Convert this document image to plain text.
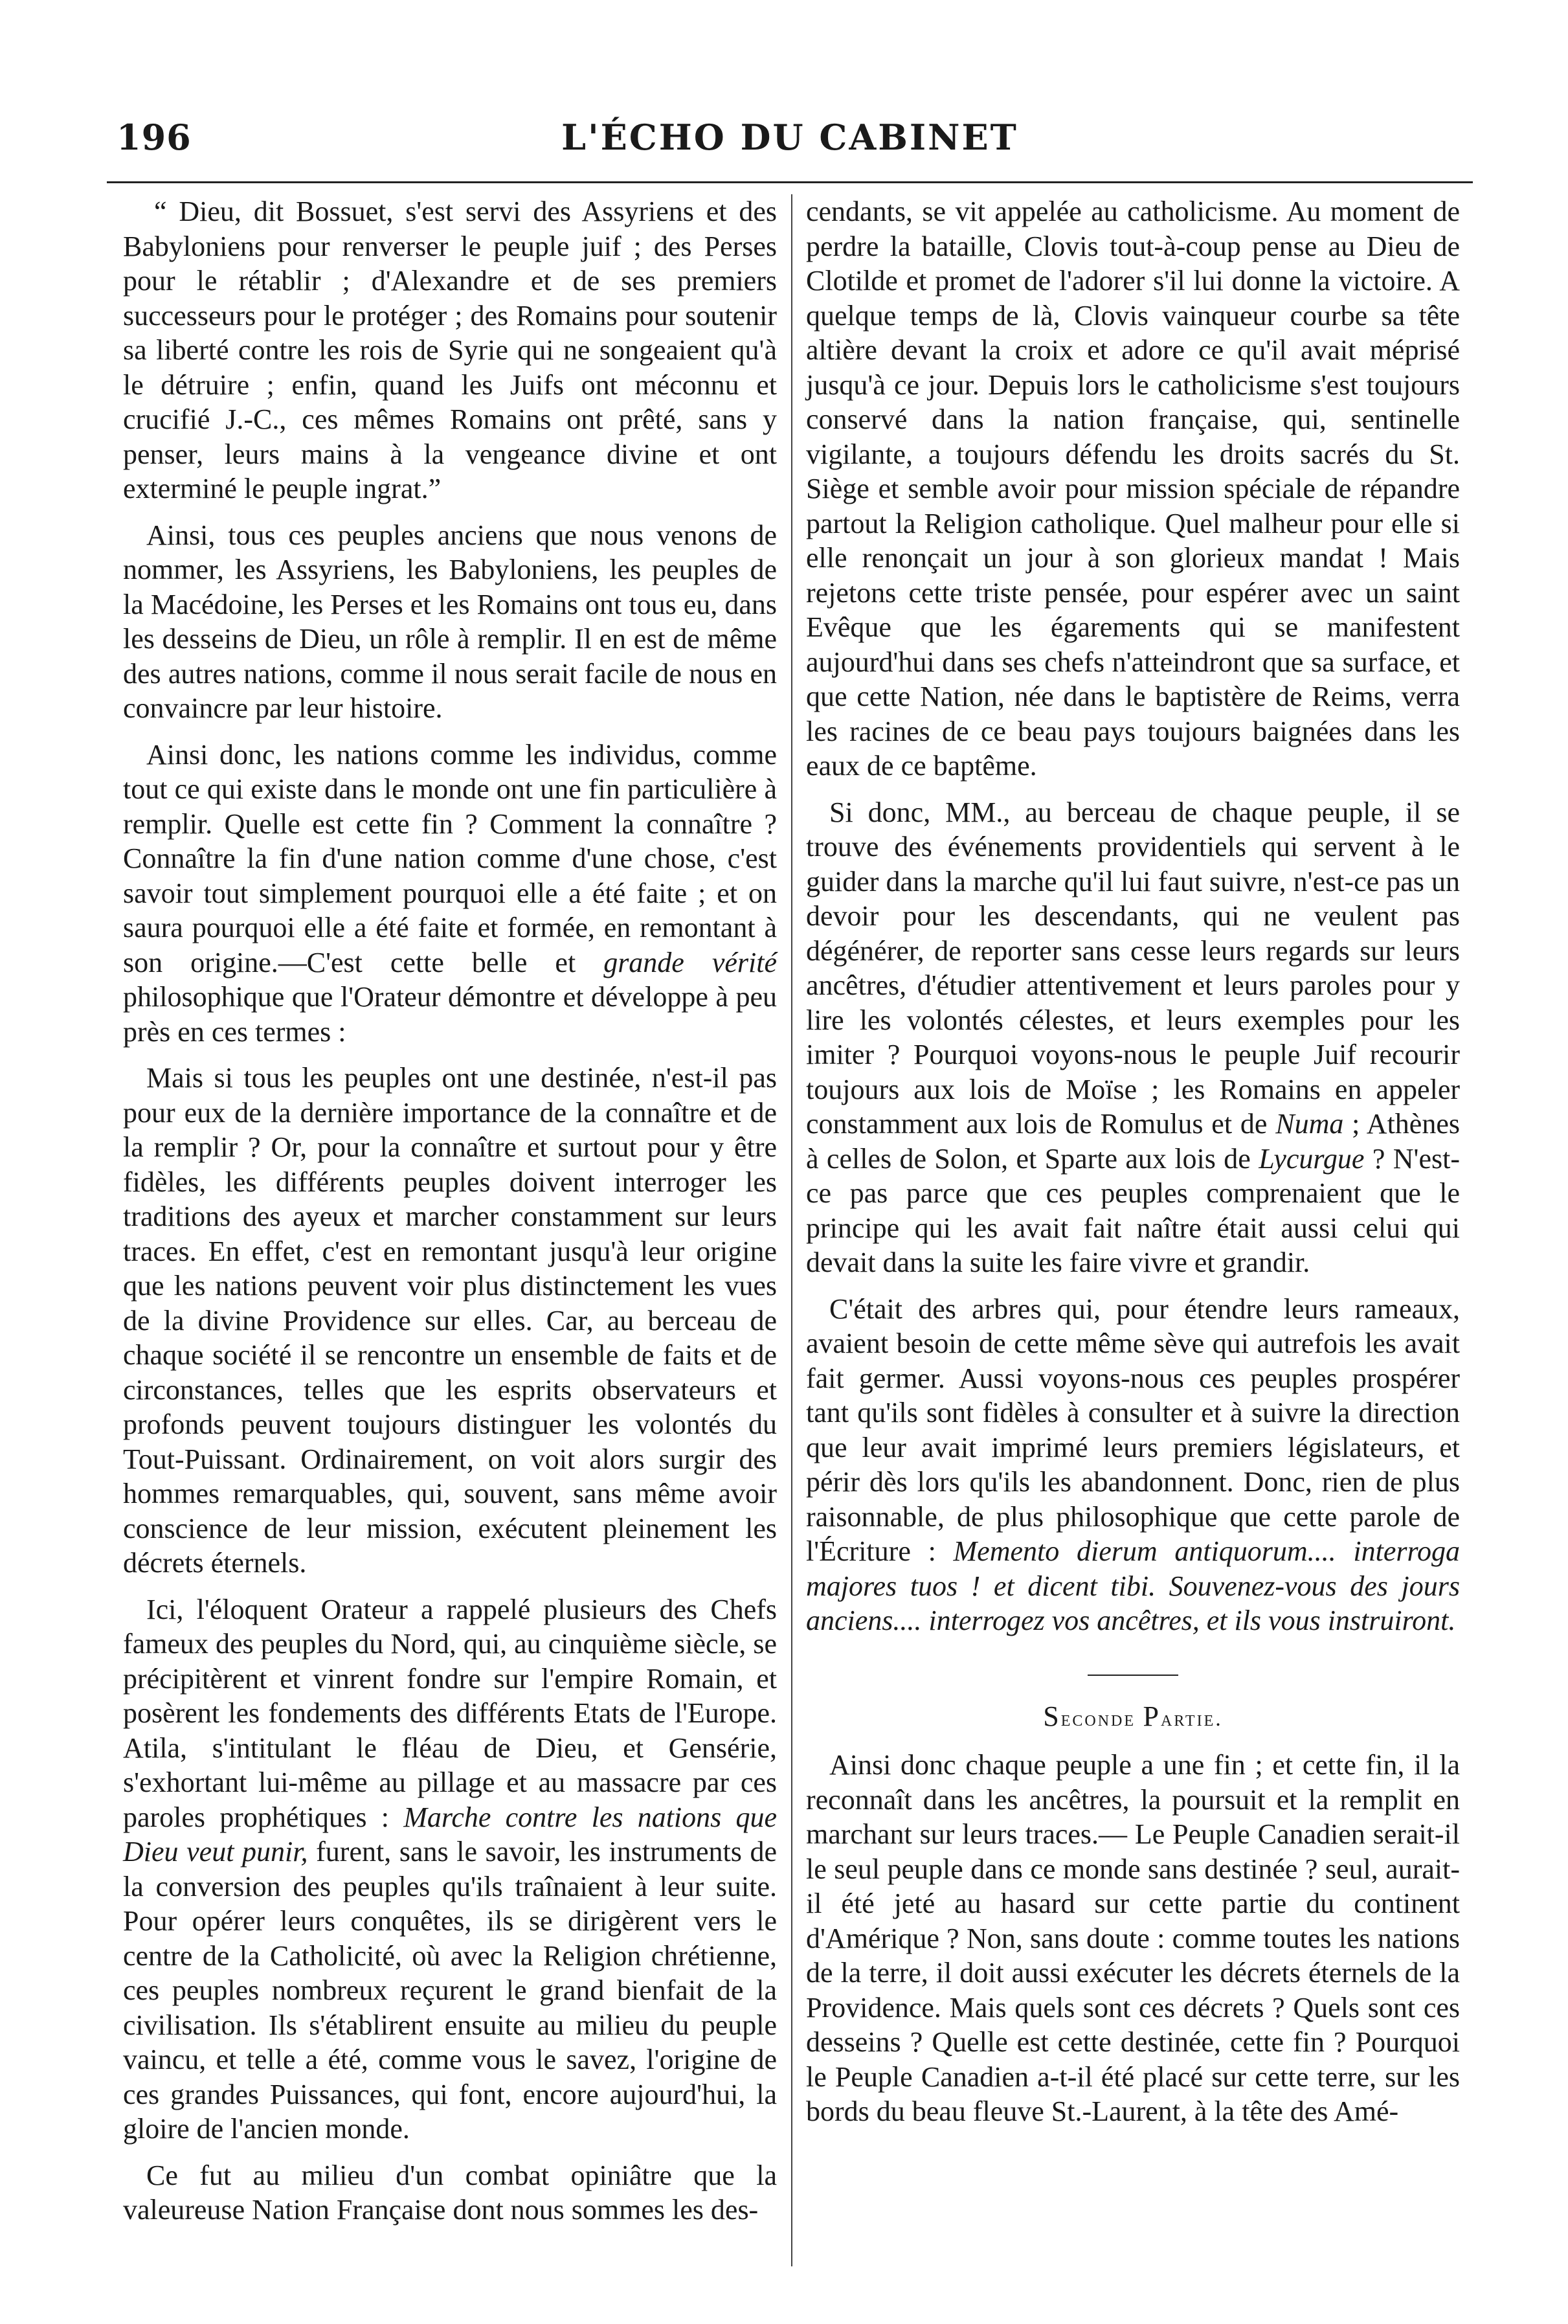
196	L'ÉCHO DU CABINET

“ Dieu, dit Bossuet, s'est servi des Assyriens et des Babyloniens pour renverser le peuple juif ; des Perses pour le rétablir ; d'Alexandre et de ses premiers successeurs pour le protéger ; des Romains pour soutenir sa liberté contre les rois de Syrie qui ne songeaient qu'à le détruire ; enfin, quand les Juifs ont méconnu et crucifié J.-C., ces mêmes Romains ont prêté, sans y penser, leurs mains à la vengeance divine et ont exterminé le peuple ingrat.”

Ainsi, tous ces peuples anciens que nous venons de nommer, les Assyriens, les Babyloniens, les peuples de la Macédoine, les Perses et les Romains ont tous eu, dans les desseins de Dieu, un rôle à remplir. Il en est de même des autres nations, comme il nous serait facile de nous en convaincre par leur histoire.

Ainsi donc, les nations comme les individus, comme tout ce qui existe dans le monde ont une fin particulière à remplir. Quelle est cette fin ? Comment la connaître ? Connaître la fin d'une nation comme d'une chose, c'est savoir tout simplement pourquoi elle a été faite ; et on saura pourquoi elle a été faite et formée, en remontant à son origine.—C'est cette belle et grande vérité philosophique que l'Orateur démontre et développe à peu près en ces termes :

Mais si tous les peuples ont une destinée, n'est-il pas pour eux de la dernière importance de la connaître et de la remplir ? Or, pour la connaître et surtout pour y être fidèles, les différents peuples doivent interroger les traditions des ayeux et marcher constamment sur leurs traces. En effet, c'est en remontant jusqu'à leur origine que les nations peuvent voir plus distinctement les vues de la divine Providence sur elles. Car, au berceau de chaque société il se rencontre un ensemble de faits et de circonstances, telles que les esprits observateurs et profonds peuvent toujours distinguer les volontés du Tout-Puissant. Ordinairement, on voit alors surgir des hommes remarquables, qui, souvent, sans même avoir conscience de leur mission, exécutent pleinement les décrets éternels.

Ici, l'éloquent Orateur a rappelé plusieurs des Chefs fameux des peuples du Nord, qui, au cinquième siècle, se précipitèrent et vinrent fondre sur l'empire Romain, et posèrent les fondements des différents Etats de l'Europe. Atila, s'intitulant le fléau de Dieu, et Gensérie, s'exhortant lui-même au pillage et au massacre par ces paroles prophétiques : Marche contre les nations que Dieu veut punir, furent, sans le savoir, les instruments de la conversion des peuples qu'ils traînaient à leur suite. Pour opérer leurs conquêtes, ils se dirigèrent vers le centre de la Catholicité, où avec la Religion chrétienne, ces peuples nombreux reçurent le grand bienfait de la civilisation. Ils s'établirent ensuite au milieu du peuple vaincu, et telle a été, comme vous le savez, l'origine de ces grandes Puissances, qui font, encore aujourd'hui, la gloire de l'ancien monde.

Ce fut au milieu d'un combat opiniâtre que la valeureuse Nation Française dont nous sommes les des-

cendants, se vit appelée au catholicisme. Au moment de perdre la bataille, Clovis tout-à-coup pense au Dieu de Clotilde et promet de l'adorer s'il lui donne la victoire. A quelque temps de là, Clovis vainqueur courbe sa tête altière devant la croix et adore ce qu'il avait méprisé jusqu'à ce jour. Depuis lors le catholicisme s'est toujours conservé dans la nation française, qui, sentinelle vigilante, a toujours défendu les droits sacrés du St. Siège et semble avoir pour mission spéciale de répandre partout la Religion catholique. Quel malheur pour elle si elle renonçait un jour à son glorieux mandat ! Mais rejetons cette triste pensée, pour espérer avec un saint Evêque que les égarements qui se manifestent aujourd'hui dans ses chefs n'atteindront que sa surface, et que cette Nation, née dans le baptistère de Reims, verra les racines de ce beau pays toujours baignées dans les eaux de ce baptême.

Si donc, MM., au berceau de chaque peuple, il se trouve des événements providentiels qui servent à le guider dans la marche qu'il lui faut suivre, n'est-ce pas un devoir pour les descendants, qui ne veulent pas dégénérer, de reporter sans cesse leurs regards sur leurs ancêtres, d'étudier attentivement et leurs paroles pour y lire les volontés célestes, et leurs exemples pour les imiter ? Pourquoi voyons-nous le peuple Juif recourir toujours aux lois de Moïse ; les Romains en appeler constamment aux lois de Romulus et de Numa ; Athènes à celles de Solon, et Sparte aux lois de Lycurgue ? N'est-ce pas parce que ces peuples comprenaient que le principe qui les avait fait naître était aussi celui qui devait dans la suite les faire vivre et grandir.

C'était des arbres qui, pour étendre leurs rameaux, avaient besoin de cette même sève qui autrefois les avait fait germer. Aussi voyons-nous ces peuples prospérer tant qu'ils sont fidèles à consulter et à suivre la direction que leur avait imprimé leurs premiers législateurs, et périr dès lors qu'ils les abandonnent. Donc, rien de plus raisonnable, de plus philosophique que cette parole de l'Écriture : Memento dierum antiquorum.... interroga majores tuos ! et dicent tibi. Souvenez-vous des jours anciens.... interrogez vos ancêtres, et ils vous instruiront.

Seconde Partie.

Ainsi donc chaque peuple a une fin ; et cette fin, il la reconnaît dans les ancêtres, la poursuit et la remplit en marchant sur leurs traces.— Le Peuple Canadien serait-il le seul peuple dans ce monde sans destinée ? seul, aurait-il été jeté au hasard sur cette partie du continent d'Amérique ? Non, sans doute : comme toutes les nations de la terre, il doit aussi exécuter les décrets éternels de la Providence. Mais quels sont ces décrets ? Quels sont ces desseins ? Quelle est cette destinée, cette fin ? Pourquoi le Peuple Canadien a-t-il été placé sur cette terre, sur les bords du beau fleuve St.-Laurent, à la tête des Amé-
